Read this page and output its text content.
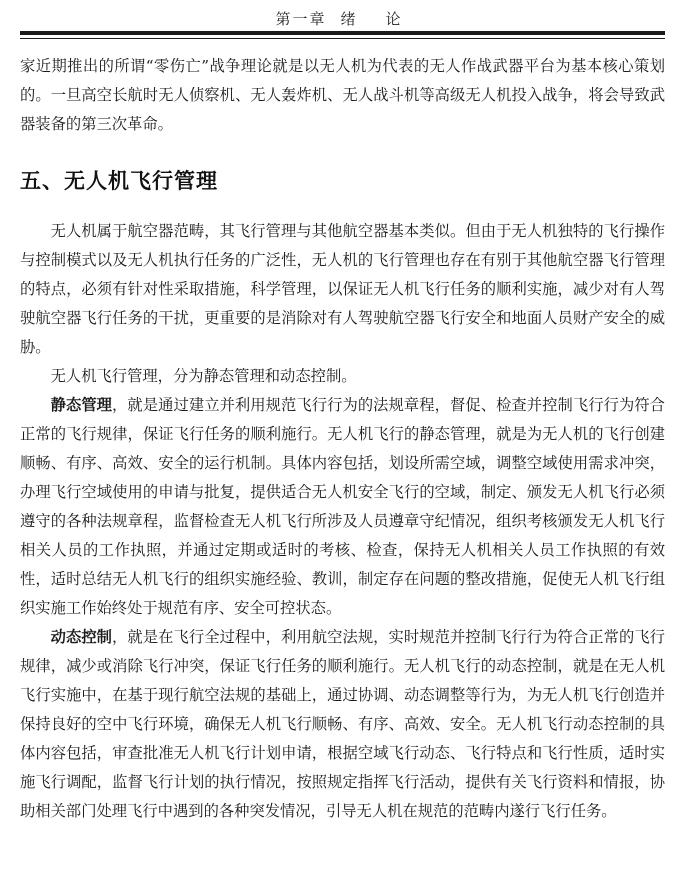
第一章 绪 论

家近期推出的所谓“零伤亡”战争理论就是以无人机为代表的无人作战武器平台为基本核心策划的。一旦高空长航时无人侦察机、无人轰炸机、无人战斗机等高级无人机投入战争，将会导致武器装备的第三次革命。

五、无人机飞行管理

无人机属于航空器范畴，其飞行管理与其他航空器基本类似。但由于无人机独特的飞行操作与控制模式以及无人机执行任务的广泛性，无人机的飞行管理也存在有别于其他航空器飞行管理的特点，必须有针对性采取措施，科学管理，以保证无人机飞行任务的顺利实施，减少对有人驾驶航空器飞行任务的干扰，更重要的是消除对有人驾驶航空器飞行安全和地面人员财产安全的威胁。

无人机飞行管理，分为静态管理和动态控制。

静态管理，就是通过建立并利用规范飞行行为的法规章程，督促、检查并控制飞行行为符合正常的飞行规律，保证飞行任务的顺利施行。无人机飞行的静态管理，就是为无人机的飞行创建顺畅、有序、高效、安全的运行机制。具体内容包括，划设所需空域，调整空域使用需求冲突，办理飞行空域使用的申请与批复，提供适合无人机安全飞行的空域，制定、颁发无人机飞行必须遵守的各种法规章程，监督检查无人机飞行所涉及人员遵章守纪情况，组织考核颁发无人机飞行相关人员的工作执照，并通过定期或适时的考核、检查，保持无人机相关人员工作执照的有效性，适时总结无人机飞行的组织实施经验、教训，制定存在问题的整改措施，促使无人机飞行组织实施工作始终处于规范有序、安全可控状态。

动态控制，就是在飞行全过程中，利用航空法规，实时规范并控制飞行行为符合正常的飞行规律，减少或消除飞行冲突，保证飞行任务的顺利施行。无人机飞行的动态控制，就是在无人机飞行实施中，在基于现行航空法规的基础上，通过协调、动态调整等行为，为无人机飞行创造并保持良好的空中飞行环境，确保无人机飞行顺畅、有序、高效、安全。无人机飞行动态控制的具体内容包括，审查批准无人机飞行计划申请，根据空域飞行动态、飞行特点和飞行性质，适时实施飞行调配，监督飞行计划的执行情况，按照规定指挥飞行活动，提供有关飞行资料和情报，协助相关部门处理飞行中遇到的各种突发情况，引导无人机在规范的范畴内遂行飞行任务。
